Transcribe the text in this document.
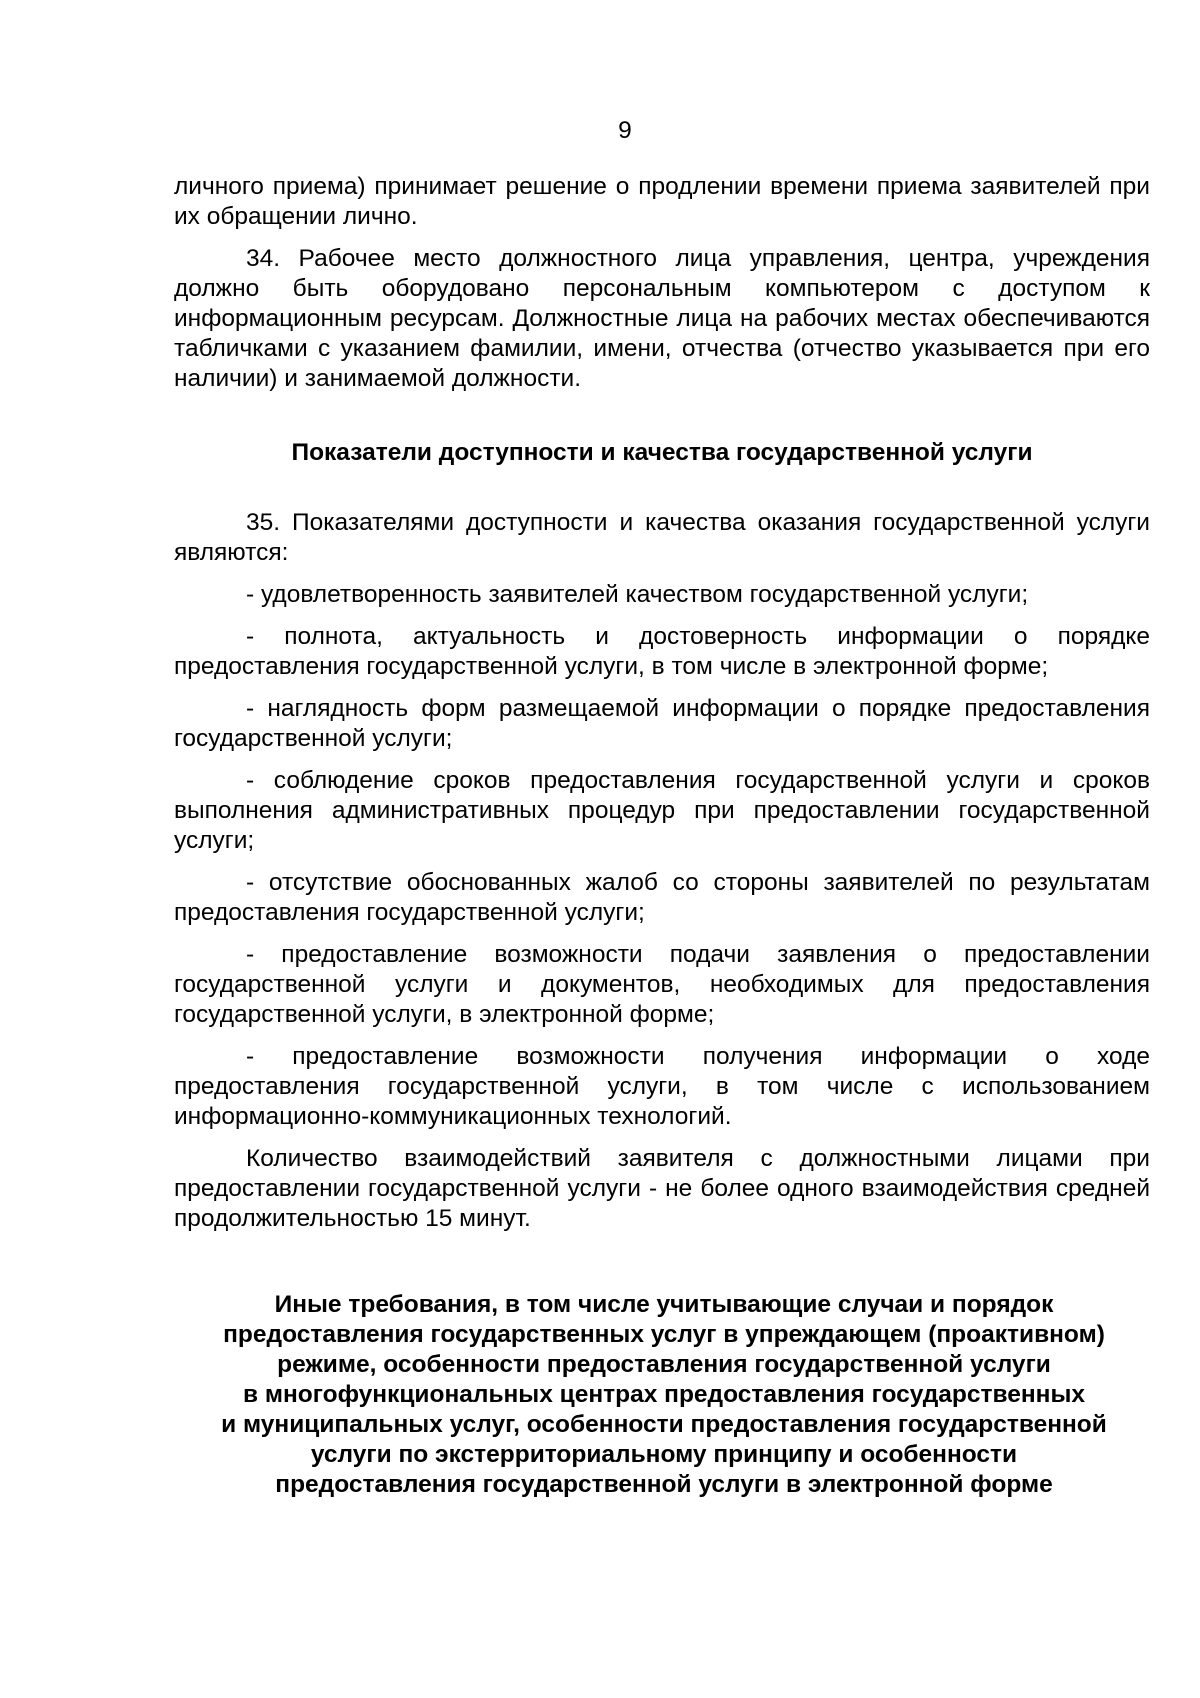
9

личного приема) принимает решение о продлении времени приема заявителей при их обращении лично.

34. Рабочее место должностного лица управления, центра, учреждения должно быть оборудовано персональным компьютером с доступом к информационным ресурсам. Должностные лица на рабочих местах обеспечиваются табличками с указанием фамилии, имени, отчества (отчество указывается при его наличии) и занимаемой должности.

Показатели доступности и качества государственной услуги

35. Показателями доступности и качества оказания государственной услуги являются:

- удовлетворенность заявителей качеством государственной услуги;

- полнота, актуальность и достоверность информации о порядке предоставления государственной услуги, в том числе в электронной форме;

- наглядность форм размещаемой информации о порядке предоставления государственной услуги;

- соблюдение сроков предоставления государственной услуги и сроков выполнения административных процедур при предоставлении государственной услуги;

- отсутствие обоснованных жалоб со стороны заявителей по результатам предоставления государственной услуги;

- предоставление возможности подачи заявления о предоставлении государственной услуги и документов, необходимых для предоставления государственной услуги, в электронной форме;

- предоставление возможности получения информации о ходе предоставления государственной услуги, в том числе с использованием информационно-коммуникационных технологий.

Количество взаимодействий заявителя с должностными лицами при предоставлении государственной услуги - не более одного взаимодействия средней продолжительностью 15 минут.

Иные требования, в том числе учитывающие случаи и порядок
предоставления государственных услуг в упреждающем (проактивном)
режиме, особенности предоставления государственной услуги
в многофункциональных центрах предоставления государственных
и муниципальных услуг, особенности предоставления государственной
услуги по экстерриториальному принципу и особенности
предоставления государственной услуги в электронной форме
